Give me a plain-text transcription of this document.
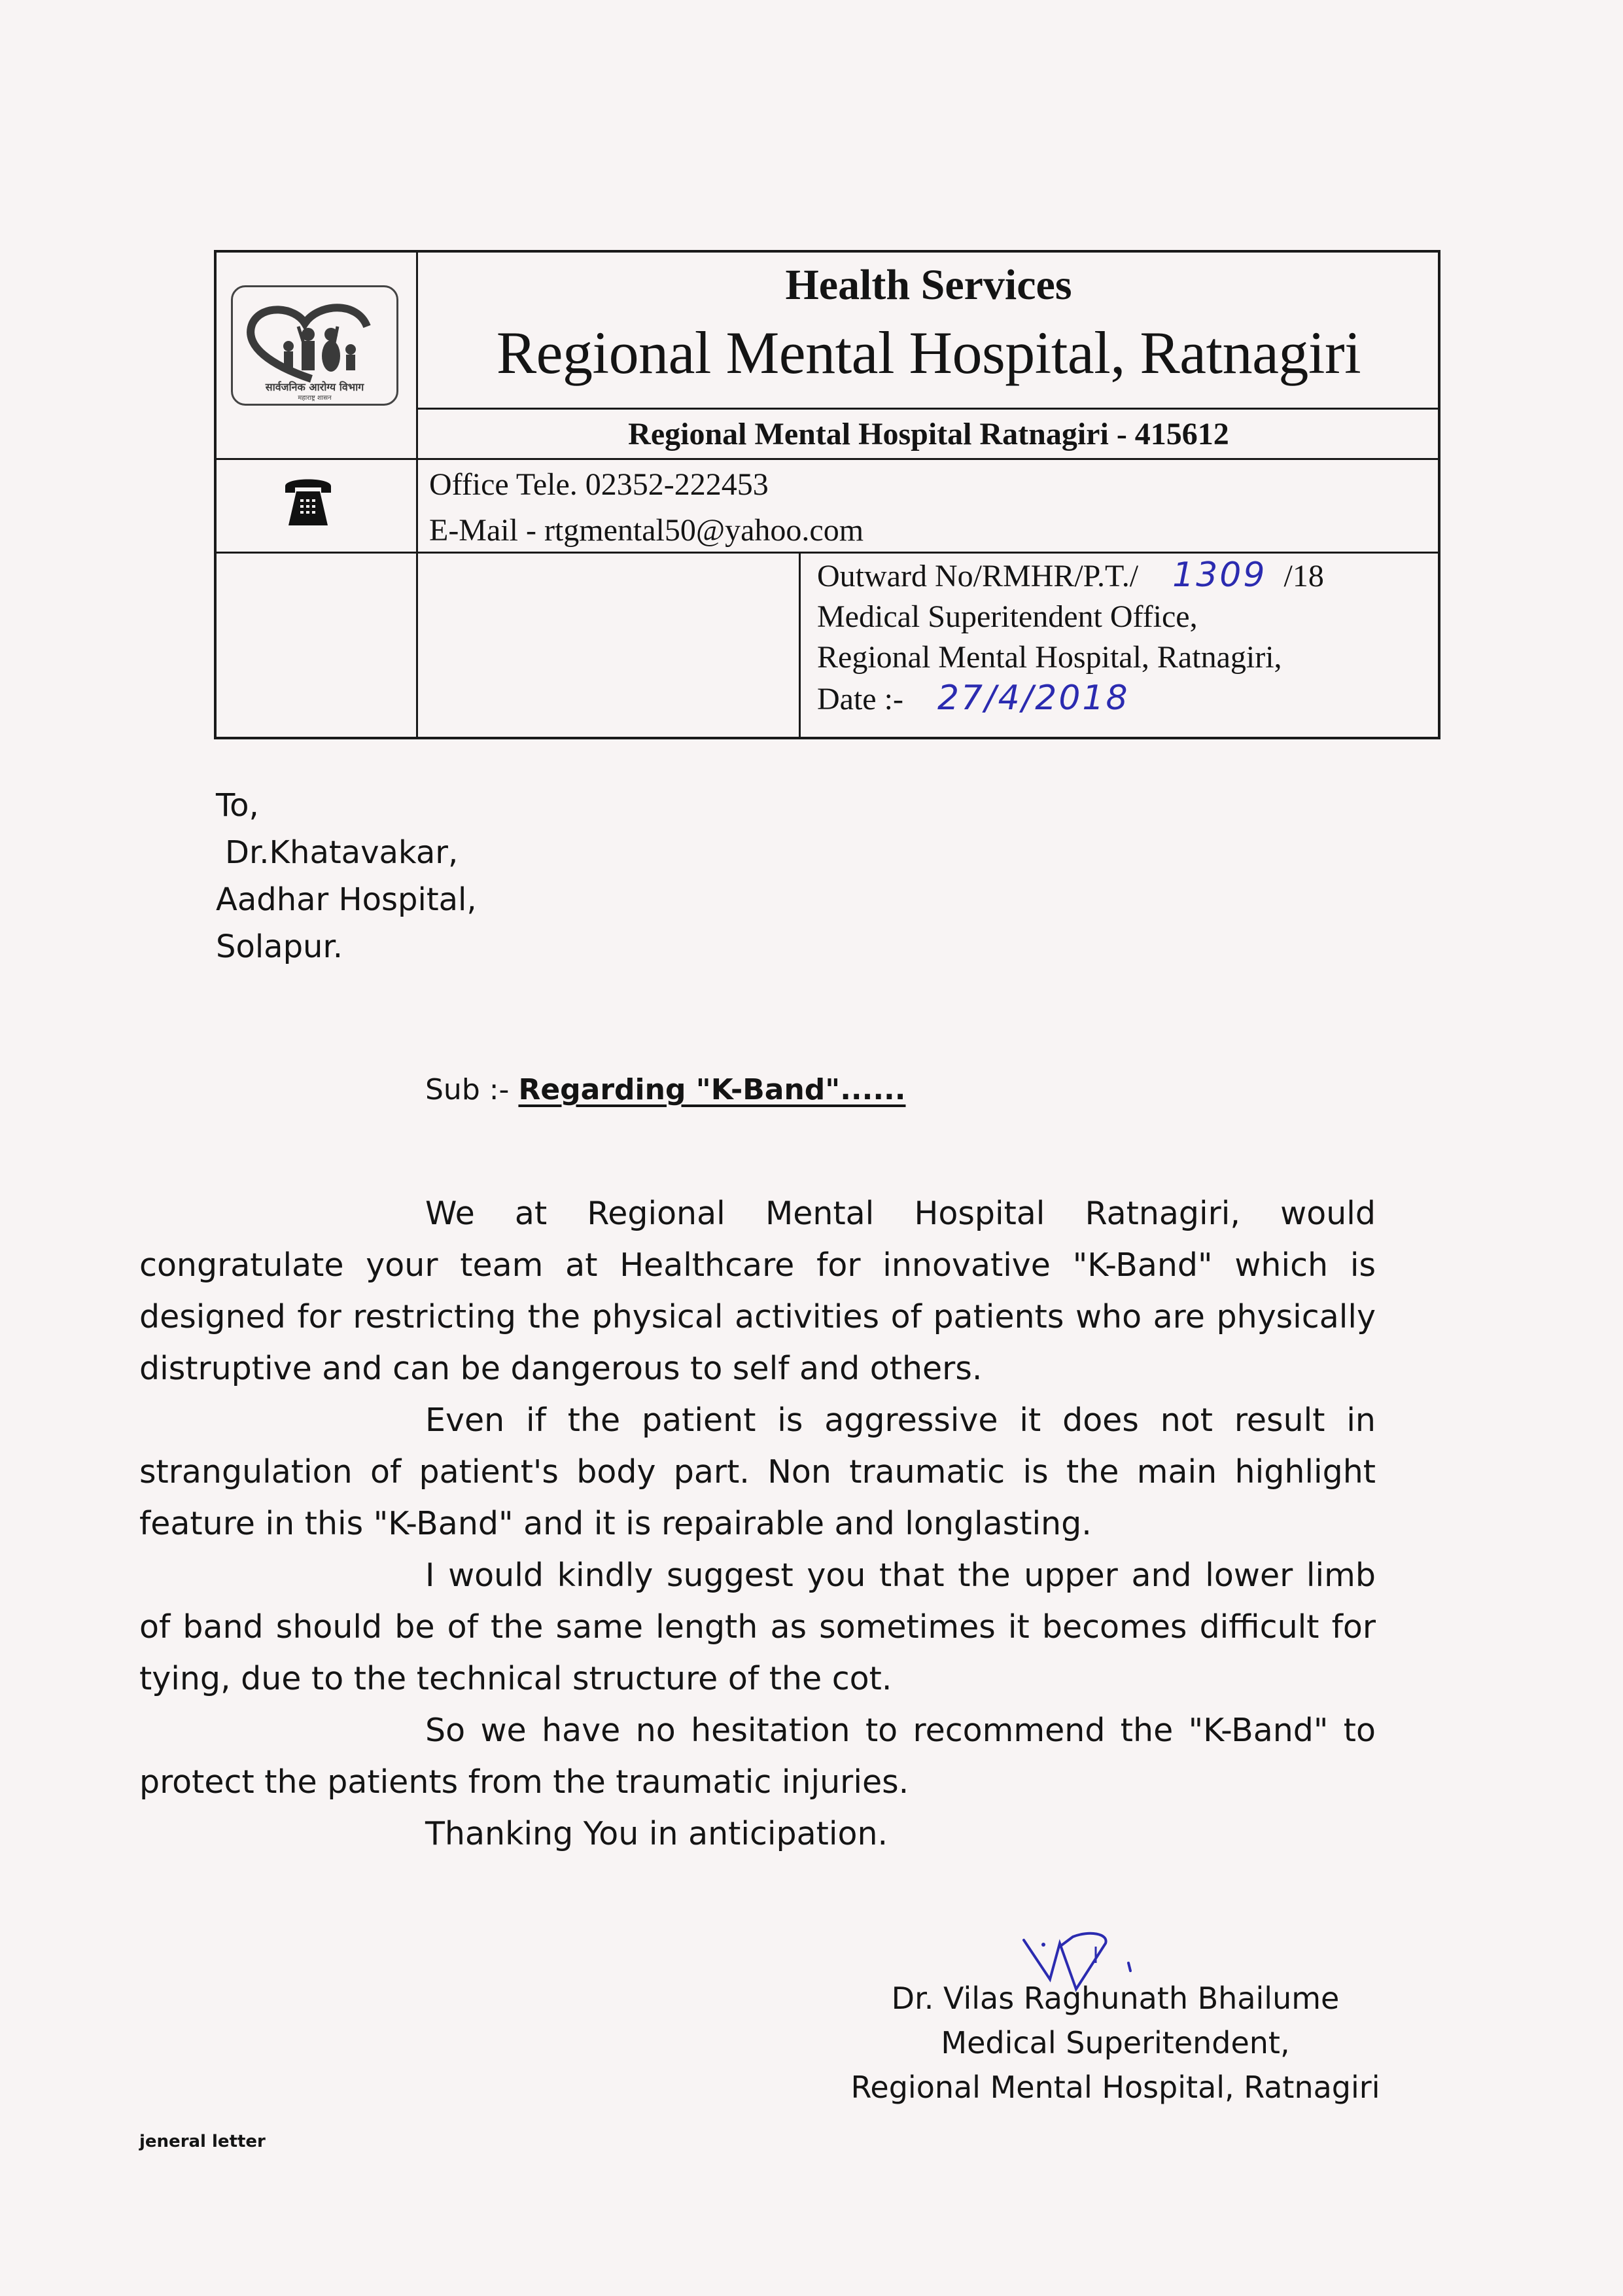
सार्वजनिक आरोग्य विभाग
महाराष्ट्र शासन
Health Services
Regional Mental Hospital, Ratnagiri
Regional Mental Hospital Ratnagiri - 415612
Office Tele. 02352-222453
E-Mail - rtgmental50@yahoo.com
Outward No/RMHR/P.T./ 1309 /18
Medical Superitendent Office,
Regional Mental Hospital, Ratnagiri,
Date :- 27/4/2018
To,
Dr.Khatavakar,
Aadhar Hospital,
Solapur.
Sub :- Regarding "K-Band"......

We at Regional Mental Hospital Ratnagiri, would congratulate your team at Healthcare for innovative "K-Band" which is designed for restricting the physical activities of patients who are physically distruptive and can be dangerous to self and others.

Even if the patient is aggressive it does not result in strangulation of patient's body part. Non traumatic is the main highlight feature in this "K-Band" and it is repairable and longlasting.

I would kindly suggest you that the upper and lower limb of band should be of the same length as sometimes it becomes difficult for tying, due to the technical structure of the cot.

So we have no hesitation to recommend the "K-Band" to protect the patients from the traumatic injuries.

Thanking You in anticipation.

Dr. Vilas Raghunath Bhailume
Medical Superitendent,
Regional Mental Hospital, Ratnagiri
jeneral letter
